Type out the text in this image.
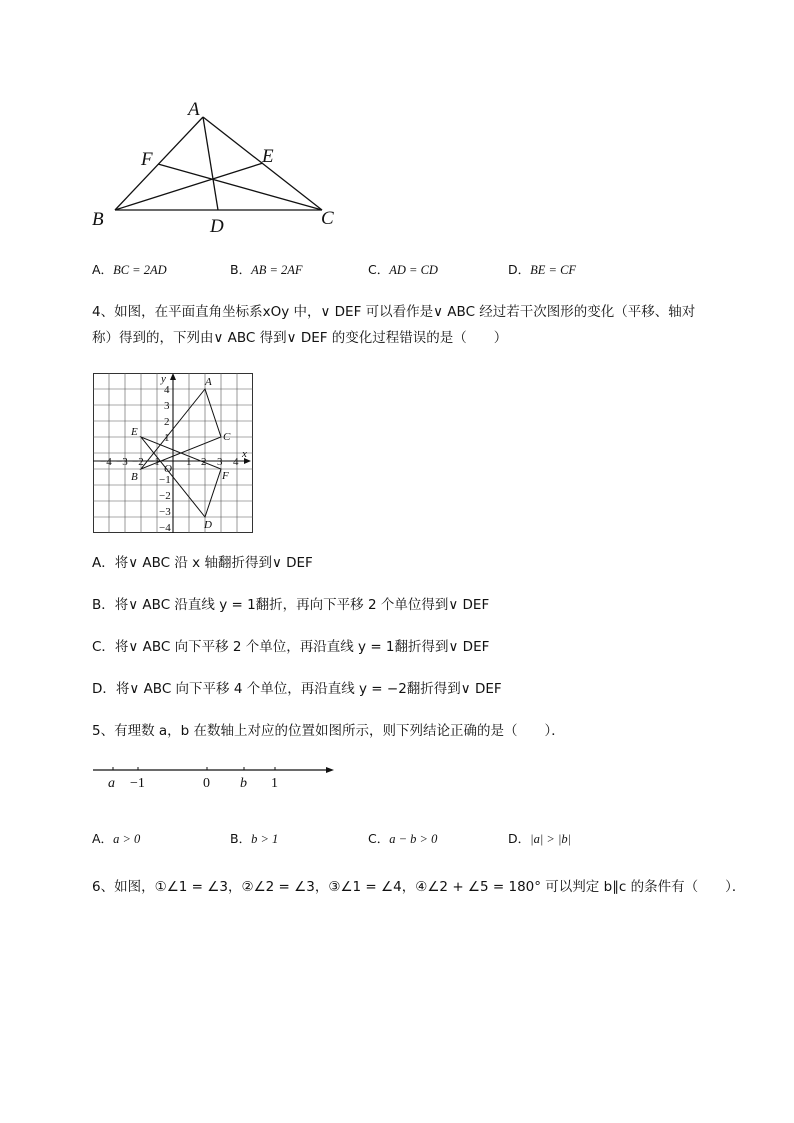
A
F	E
B	D	C
A．BC = 2AD	B．AB = 2AF	C．AD = CD	D．BE = CF
4、如图，在平面直角坐标系xOy 中，∨ DEF 可以看作是∨ ABC 经过若干次图形的变化（平移、轴对
称）得到的，下列由∨ ABC 得到∨ DEF 的变化过程错误的是（　　）
y
x
O
−4 −3 −2 −1 1 2 3 4
4
3
2
1
−1
−2
−3
−4
A
B
C
D
E
F
A．将∨ ABC 沿 x 轴翻折得到∨ DEF
B．将∨ ABC 沿直线 y = 1翻折，再向下平移 2 个单位得到∨ DEF
C．将∨ ABC 向下平移 2 个单位，再沿直线 y = 1翻折得到∨ DEF
D．将∨ ABC 向下平移 4 个单位，再沿直线 y = −2翻折得到∨ DEF
5、有理数 a，b 在数轴上对应的位置如图所示，则下列结论正确的是（　　）．
a −1	0 b 1
A．a > 0	B．b > 1	C．a − b > 0	D．|a| > |b|
6、如图，①∠1 = ∠3，②∠2 = ∠3，③∠1 = ∠4，④∠2 + ∠5 = 180° 可以判定 b∥c 的条件有（　　）．
